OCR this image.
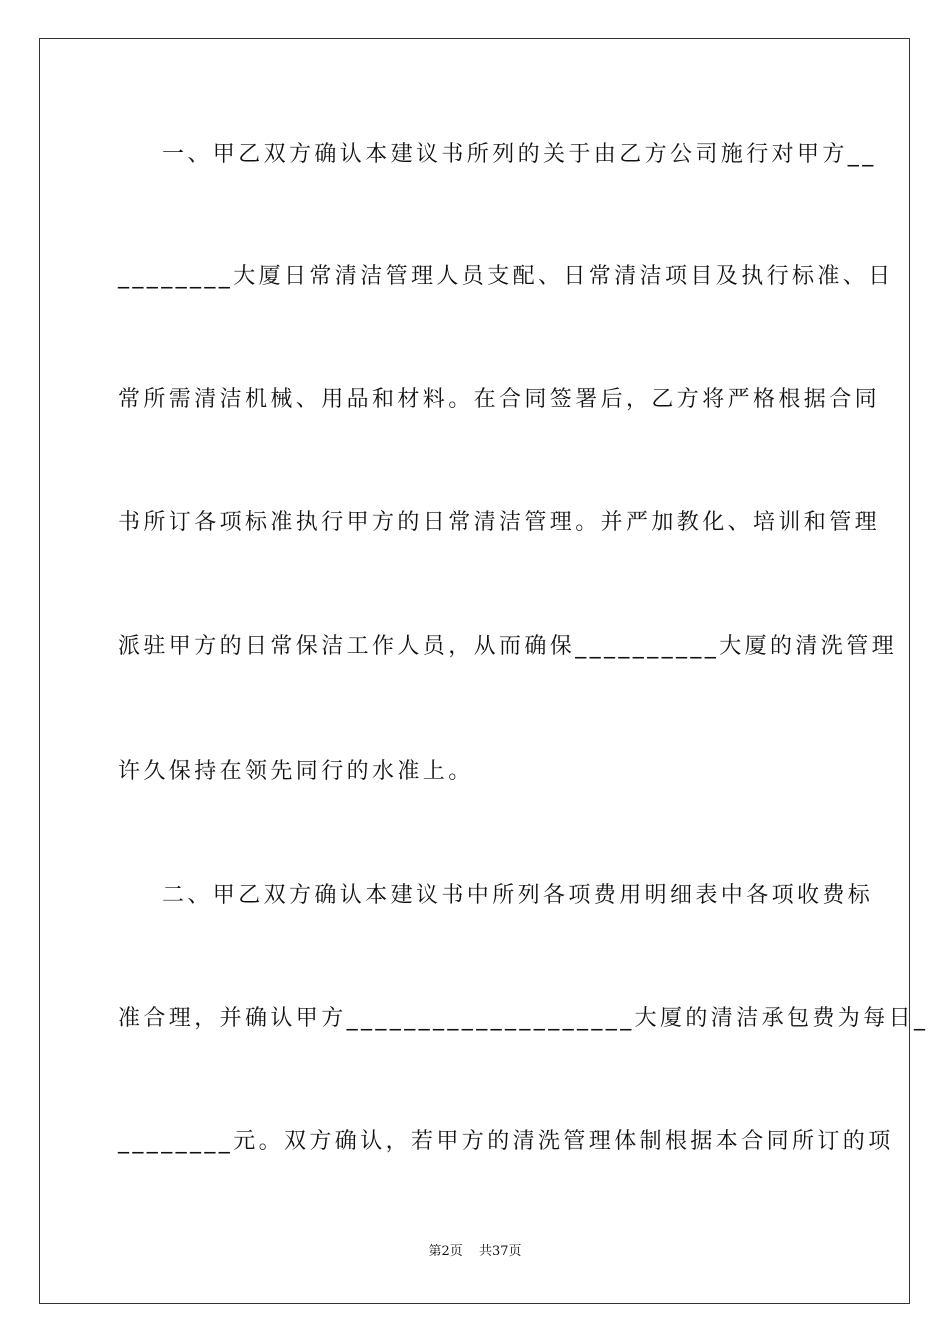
一、甲乙双方确认本建议书所列的关于由乙方公司施行对甲方__
________大厦日常清洁管理人员支配、日常清洁项目及执行标准、日
常所需清洁机械、用品和材料。在合同签署后，乙方将严格根据合同
书所订各项标准执行甲方的日常清洁管理。并严加教化、培训和管理
派驻甲方的日常保洁工作人员，从而确保__________大厦的清洗管理
许久保持在领先同行的水准上。
二、甲乙双方确认本建议书中所列各项费用明细表中各项收费标
准合理，并确认甲方____________________大厦的清洁承包费为每日_
________元。双方确认，若甲方的清洗管理体制根据本合同所订的项
第2页 共37页
